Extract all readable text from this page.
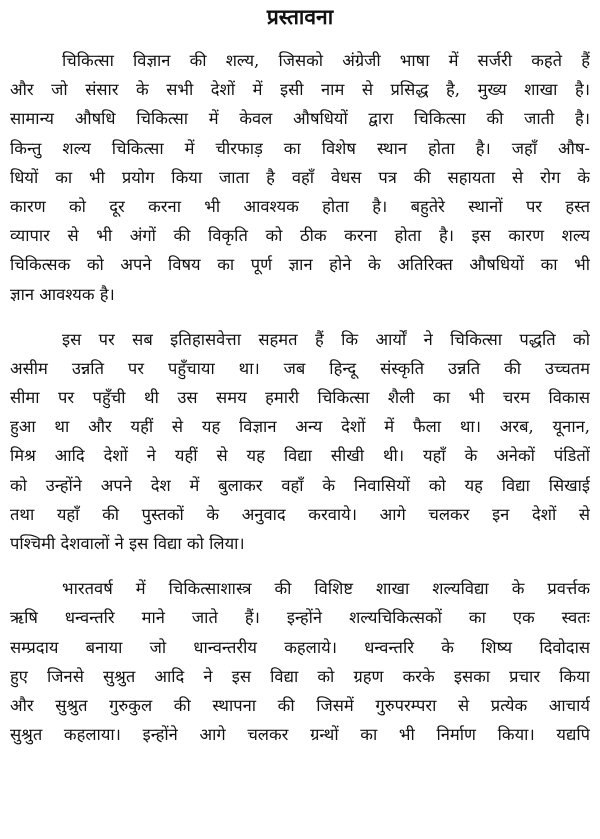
प्रस्तावना
चिकित्सा विज्ञान की शल्य, जिसको अंग्रेजी भाषा में सर्जरी कहते हैं
और जो संसार के सभी देशों में इसी नाम से प्रसिद्ध है, मुख्य शाखा है।
सामान्य औषधि चिकित्सा में केवल औषधियों द्वारा चिकित्सा की जाती है।
किन्तु शल्य चिकित्सा में चीरफाड़ का विशेष स्थान होता है। जहाँ औष-
धियों का भी प्रयोग किया जाता है वहाँ वेधस पत्र की सहायता से रोग के
कारण को दूर करना भी आवश्यक होता है। बहुतेरे स्थानों पर हस्त
व्यापार से भी अंगों की विकृति को ठीक करना होता है। इस कारण शल्य
चिकित्सक को अपने विषय का पूर्ण ज्ञान होने के अतिरिक्त औषधियों का भी
ज्ञान आवश्यक है।
इस पर सब इतिहासवेत्ता सहमत हैं कि आर्यों ने चिकित्सा पद्धति को
असीम उन्नति पर पहुँचाया था। जब हिन्दू संस्कृति उन्नति की उच्चतम
सीमा पर पहुँची थी उस समय हमारी चिकित्सा शैली का भी चरम विकास
हुआ था और यहीं से यह विज्ञान अन्य देशों में फैला था। अरब, यूनान,
मिश्र आदि देशों ने यहीं से यह विद्या सीखी थी। यहाँ के अनेकों पंडितों
को उन्होंने अपने देश में बुलाकर वहाँ के निवासियों को यह विद्या सिखाई
तथा यहाँ की पुस्तकों के अनुवाद करवाये। आगे चलकर इन देशों से
पश्चिमी देशवालों ने इस विद्या को लिया।
भारतवर्ष में चिकित्साशास्त्र की विशिष्ट शाखा शल्यविद्या के प्रवर्त्तक
ऋषि धन्वन्तरि माने जाते हैं। इन्होंने शल्यचिकित्सकों का एक स्वतः
सम्प्रदाय बनाया जो धान्वन्तरीय कहलाये। धन्वन्तरि के शिष्य दिवोदास
हुए जिनसे सुश्रुत आदि ने इस विद्या को ग्रहण करके इसका प्रचार किया
और सुश्रुत गुरुकुल की स्थापना की जिसमें गुरुपरम्परा से प्रत्येक आचार्य
सुश्रुत कहलाया। इन्होंने आगे चलकर ग्रन्थों का भी निर्माण किया। यद्यपि
